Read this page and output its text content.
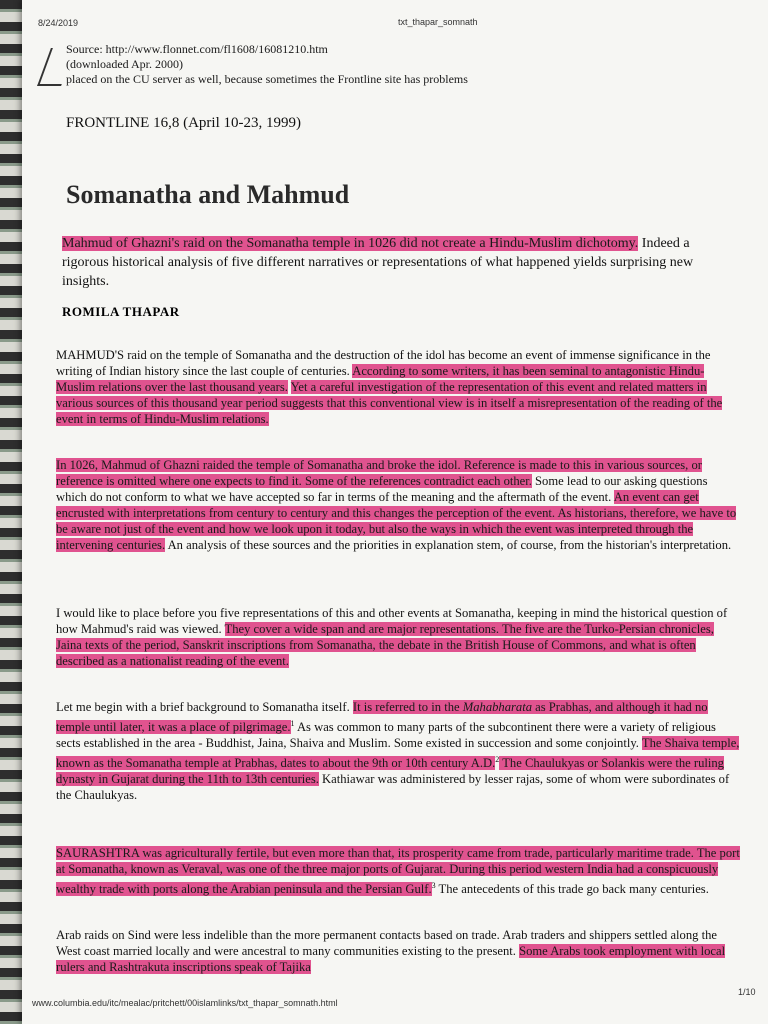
8/24/2019	txt_thapar_somnath
Source: http://www.flonnet.com/fl1608/16081210.htm
(downloaded Apr. 2000)
placed on the CU server as well, because sometimes the Frontline site has problems
FRONTLINE 16,8 (April 10-23, 1999)
Somanatha and Mahmud
Mahmud of Ghazni's raid on the Somanatha temple in 1026 did not create a Hindu-Muslim dichotomy. Indeed a rigorous historical analysis of five different narratives or representations of what happened yields surprising new insights.
ROMILA THAPAR
MAHMUD'S raid on the temple of Somanatha and the destruction of the idol has become an event of immense significance in the writing of Indian history since the last couple of centuries. According to some writers, it has been seminal to antagonistic Hindu-Muslim relations over the last thousand years. Yet a careful investigation of the representation of this event and related matters in various sources of this thousand year period suggests that this conventional view is in itself a misrepresentation of the reading of the event in terms of Hindu-Muslim relations.
In 1026, Mahmud of Ghazni raided the temple of Somanatha and broke the idol. Reference is made to this in various sources, or reference is omitted where one expects to find it. Some of the references contradict each other. Some lead to our asking questions which do not conform to what we have accepted so far in terms of the meaning and the aftermath of the event. An event can get encrusted with interpretations from century to century and this changes the perception of the event. As historians, therefore, we have to be aware not just of the event and how we look upon it today, but also the ways in which the event was interpreted through the intervening centuries. An analysis of these sources and the priorities in explanation stem, of course, from the historian's interpretation.
I would like to place before you five representations of this and other events at Somanatha, keeping in mind the historical question of how Mahmud's raid was viewed. They cover a wide span and are major representations. The five are the Turko-Persian chronicles, Jaina texts of the period, Sanskrit inscriptions from Somanatha, the debate in the British House of Commons, and what is often described as a nationalist reading of the event.
Let me begin with a brief background to Somanatha itself. It is referred to in the Mahabharata as Prabhas, and although it had no temple until later, it was a place of pilgrimage.$^1$ As was common to many parts of the subcontinent there were a variety of religious sects established in the area - Buddhist, Jaina, Shaiva and Muslim. Some existed in succession and some conjointly. The Shaiva temple, known as the Somanatha temple at Prabhas, dates to about the 9th or 10th century A.D.$^2$ The Chaulukyas or Solankis were the ruling dynasty in Gujarat during the 11th to 13th centuries. Kathiawar was administered by lesser rajas, some of whom were subordinates of the Chaulukyas.
SAURASHTRA was agriculturally fertile, but even more than that, its prosperity came from trade, particularly maritime trade. The port at Somanatha, known as Veraval, was one of the three major ports of Gujarat. During this period western India had a conspicuously wealthy trade with ports along the Arabian peninsula and the Persian Gulf.$^3$ The antecedents of this trade go back many centuries.
Arab raids on Sind were less indelible than the more permanent contacts based on trade. Arab traders and shippers settled along the West coast married locally and were ancestral to many communities existing to the present. Some Arabs took employment with local rulers and Rashtrakuta inscriptions speak of Tajika
www.columbia.edu/itc/mealac/pritchett/00islamlinks/txt_thapar_somnath.html
1/10
